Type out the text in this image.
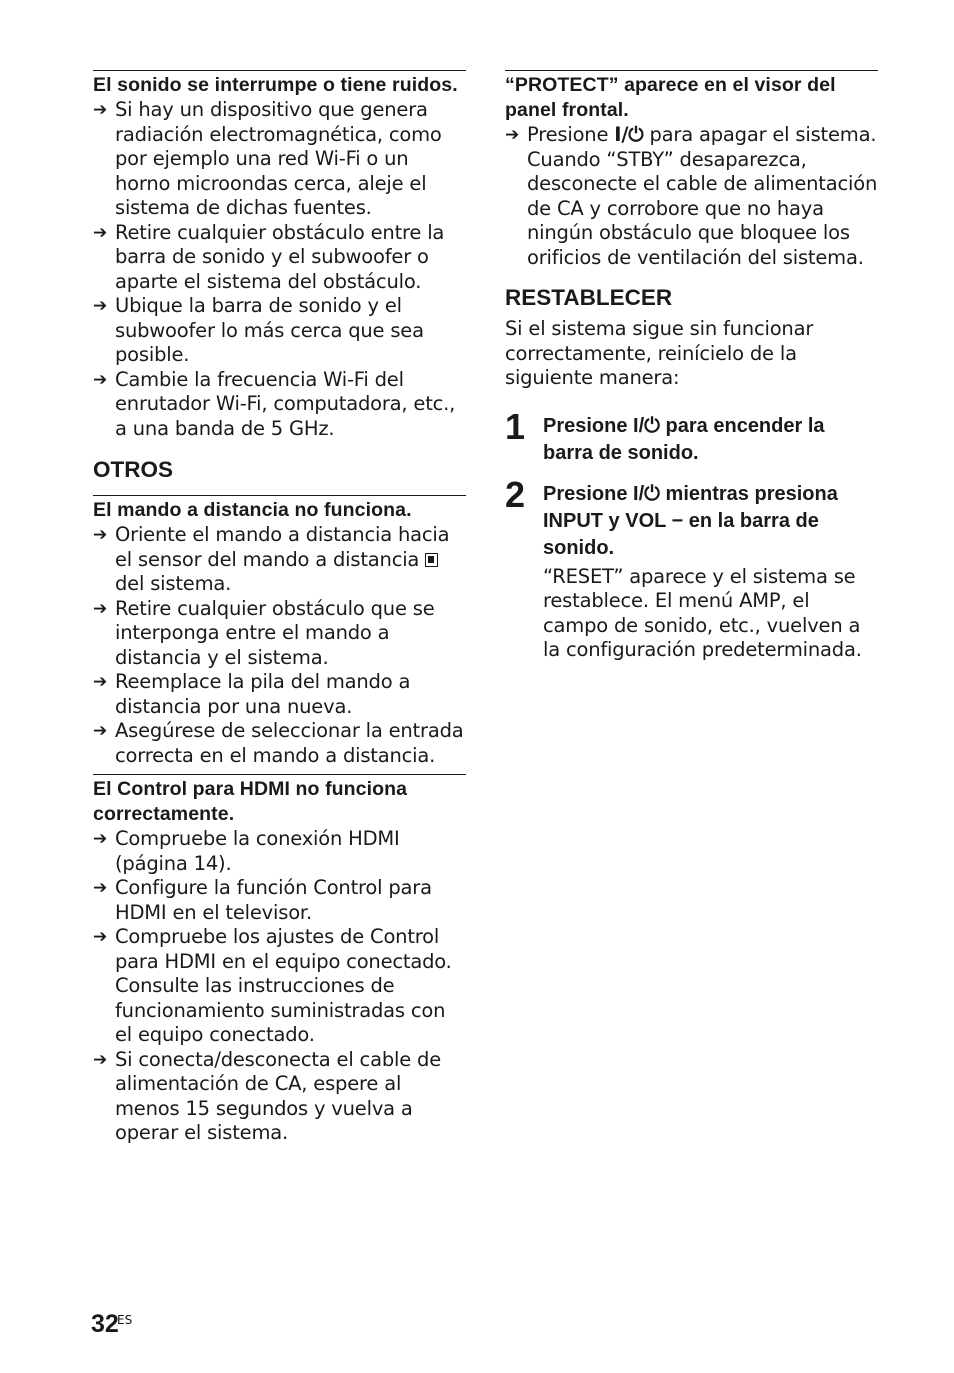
El sonido se interrumpe o tiene ruidos.
➔ Si hay un dispositivo que genera radiación electromagnética, como por ejemplo una red Wi-Fi o un horno microondas cerca, aleje el sistema de dichas fuentes.
➔ Retire cualquier obstáculo entre la barra de sonido y el subwoofer o aparte el sistema del obstáculo.
➔ Ubique la barra de sonido y el subwoofer lo más cerca que sea posible.
➔ Cambie la frecuencia Wi-Fi del enrutador Wi-Fi, computadora, etc., a una banda de 5 GHz.
OTROS
El mando a distancia no funciona.
➔ Oriente el mando a distancia hacia el sensor del mando a distancia  del sistema.
➔ Retire cualquier obstáculo que se interponga entre el mando a distancia y el sistema.
➔ Reemplace la pila del mando a distancia por una nueva.
➔ Asegúrese de seleccionar la entrada correcta en el mando a distancia.
El Control para HDMI no funciona correctamente.
➔ Compruebe la conexión HDMI (página 14).
➔ Configure la función Control para HDMI en el televisor.
➔ Compruebe los ajustes de Control para HDMI en el equipo conectado. Consulte las instrucciones de funcionamiento suministradas con el equipo conectado.
➔ Si conecta/desconecta el cable de alimentación de CA, espere al menos 15 segundos y vuelva a operar el sistema.
“PROTECT” aparece en el visor del panel frontal.
➔ Presione I/⏻ para apagar el sistema. Cuando “STBY” desaparezca, desconecte el cable de alimentación de CA y corrobore que no haya ningún obstáculo que bloquee los orificios de ventilación del sistema.
RESTABLECER

Si el sistema sigue sin funcionar correctamente, reinícielo de la siguiente manera:

1 Presione I/⏻ para encender la barra de sonido.
2 Presione I/⏻ mientras presiona INPUT y VOL − en la barra de sonido.
“RESET” aparece y el sistema se restablece. El menú AMP, el campo de sonido, etc., vuelven a la configuración predeterminada.
32
ES
